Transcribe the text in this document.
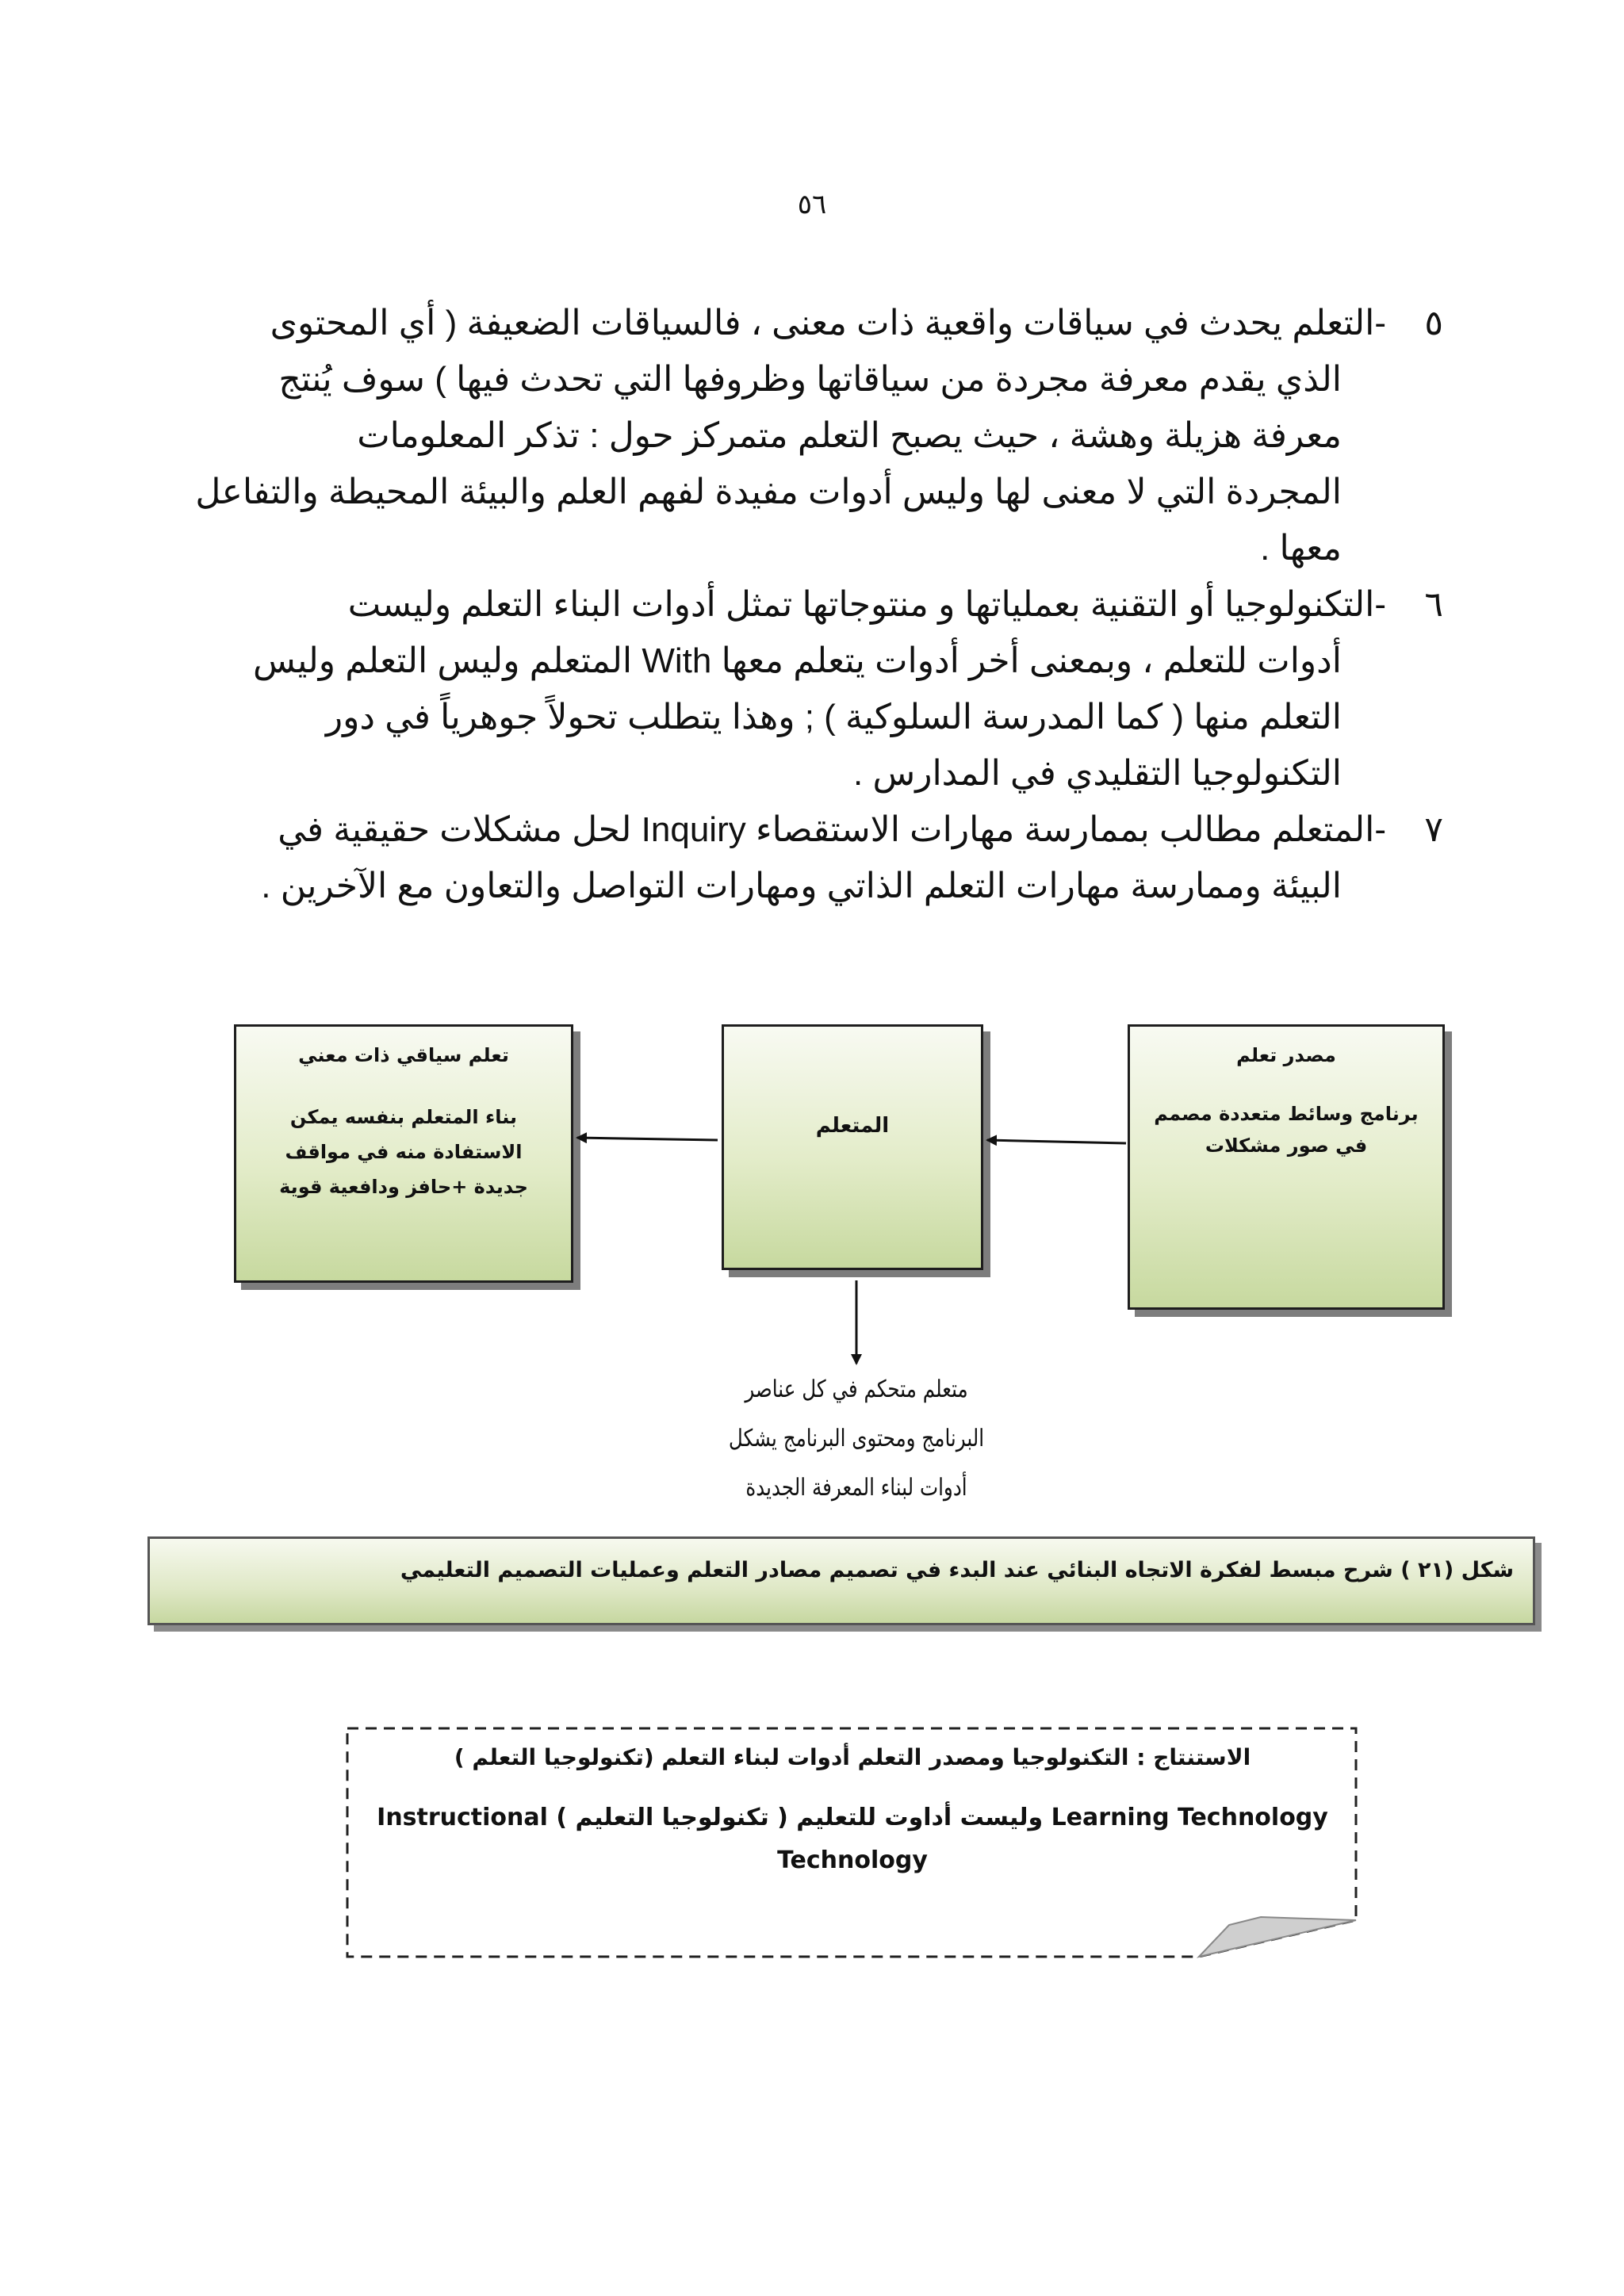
٥٦
٥
-التعلم يحدث في سياقات واقعية ذات معنى ، فالسياقات الضعيفة ( أي المحتوى
الذي يقدم معرفة مجردة من سياقاتها وظروفها التي تحدث فيها ) سوف يُنتج
معرفة هزيلة وهشة ، حيث يصبح التعلم متمركز حول : تذكر المعلومات
المجردة التي لا معنى لها وليس أدوات مفيدة لفهم العلم والبيئة المحيطة والتفاعل
معها .
٦
-التكنولوجيا أو التقنية بعملياتها و منتوجاتها تمثل أدوات البناء التعلم وليست
أدوات للتعلم ، وبمعنى أخر أدوات يتعلم معها With المتعلم وليس التعلم وليس
التعلم منها ( كما المدرسة السلوكية ) ; وهذا يتطلب تحولاً جوهرياً في دور
التكنولوجيا التقليدي في المدارس .
٧
-المتعلم مطالب بممارسة مهارات الاستقصاء Inquiry لحل مشكلات حقيقية في
البيئة وممارسة مهارات التعلم الذاتي ومهارات التواصل والتعاون مع الآخرين .
تعلم سياقي ذات معني
بناء المتعلم بنفسه يمكن
الاستفادة منه في مواقف
جديدة +حافز ودافعية قوية
المتعلم
مصدر تعلم
برنامج وسائط متعددة مصمم
في صور مشكلات
متعلم متحكم في كل عناصر
البرنامج ومحتوى البرنامج يشكل
أدوات لبناء المعرفة الجديدة
شكل (٢١ ) شرح مبسط لفكرة الاتجاه البنائي عند البدء في تصميم مصادر التعلم وعمليات التصميم التعليمي
الاستنتاج : التكنولوجيا ومصدر التعلم أدوات لبناء التعلم (تكنولوجيا التعلم )
Learning Technology وليست أداوت للتعليم ( تكنولوجيا التعليم ) Instructional
Technology
